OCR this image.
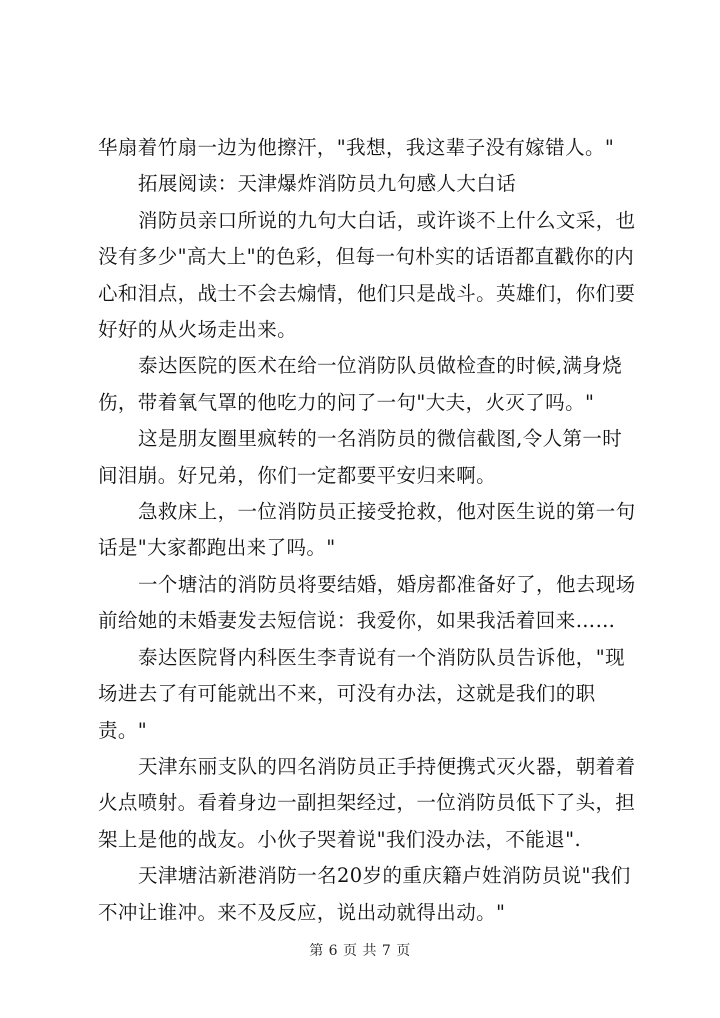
华扇着竹扇一边为他擦汗，"我想，我这辈子没有嫁错人。"

拓展阅读：天津爆炸消防员九句感人大白话

消防员亲口所说的九句大白话，或许谈不上什么文采，也没有多少"高大上"的色彩，但每一句朴实的话语都直戳你的内心和泪点，战士不会去煽情，他们只是战斗。英雄们，你们要好好的从火场走出来。

泰达医院的医术在给一位消防队员做检查的时候,满身烧伤，带着氧气罩的他吃力的问了一句"大夫，火灭了吗。"

这是朋友圈里疯转的一名消防员的微信截图,令人第一时间泪崩。好兄弟，你们一定都要平安归来啊。

急救床上，一位消防员正接受抢救，他对医生说的第一句话是"大家都跑出来了吗。"

一个塘沽的消防员将要结婚，婚房都准备好了，他去现场前给她的未婚妻发去短信说：我爱你，如果我活着回来……

泰达医院肾内科医生李青说有一个消防队员告诉他，"现场进去了有可能就出不来，可没有办法，这就是我们的职责。"

天津东丽支队的四名消防员正手持便携式灭火器，朝着着火点喷射。看着身边一副担架经过，一位消防员低下了头，担架上是他的战友。小伙子哭着说"我们没办法，不能退".

天津塘沽新港消防一名20岁的重庆籍卢姓消防员说"我们不冲让谁冲。来不及反应，说出动就得出动。"

第 6 页 共 7 页
